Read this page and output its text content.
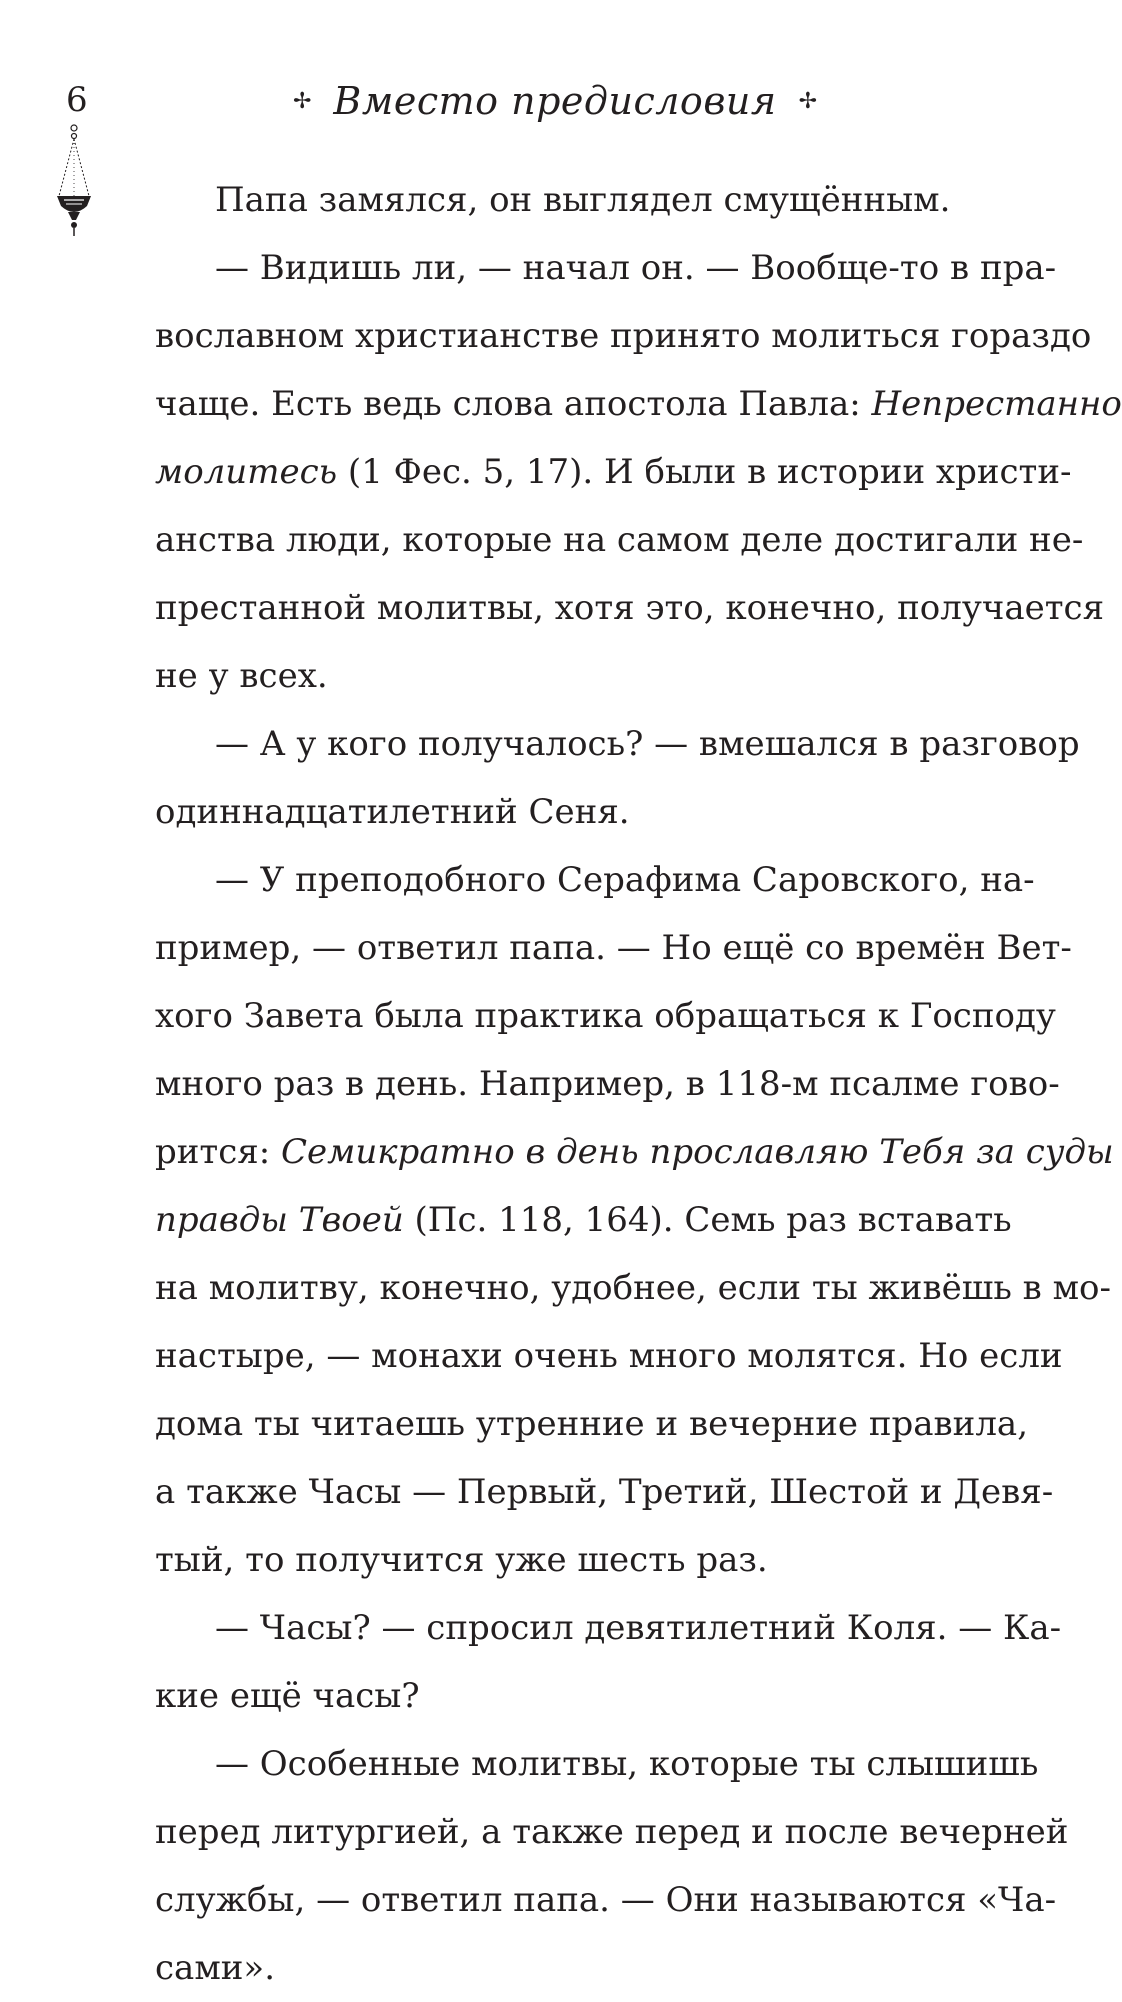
6	✢ Вместо предисловия ✢
Папа замялся, он выглядел смущённым.
— Видишь ли, — начал он. — Вообще-то в пра-
вославном христианстве принято молиться гораздо
чаще. Есть ведь слова апостола Павла: Непрестанно
молитесь (1 Фес. 5, 17). И были в истории христи-
анства люди, которые на самом деле достигали не-
престанной молитвы, хотя это, конечно, получается
не у всех.
— А у кого получалось? — вмешался в разговор
одиннадцатилетний Сеня.
— У преподобного Серафима Саровского, на-
пример, — ответил папа. — Но ещё со времён Вет-
хого Завета была практика обращаться к Господу
много раз в день. Например, в 118-м псалме гово-
рится: Семикратно в день прославляю Тебя за суды
правды Твоей (Пс. 118, 164). Семь раз вставать
на молитву, конечно, удобнее, если ты живёшь в мо-
настыре, — монахи очень много молятся. Но если
дома ты читаешь утренние и вечерние правила,
а также Часы — Первый, Третий, Шестой и Девя-
тый, то получится уже шесть раз.
— Часы? — спросил девятилетний Коля. — Ка-
кие ещё часы?
— Особенные молитвы, которые ты слышишь
перед литургией, а также перед и после вечерней
службы, — ответил папа. — Они называются «Ча-
сами».
